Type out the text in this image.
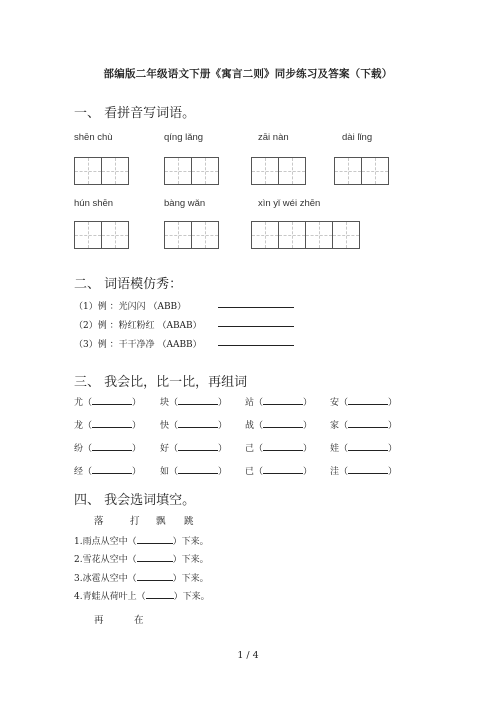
部编版二年级语文下册《寓言二则》同步练习及答案（下载）
一、 看拼音写词语。
shēn chù	qíng lǎng	zāi nàn	dài lǐng
hún shēn	bàng wǎn	xìn yǐ wéi zhēn
二、 词语模仿秀：
（1）例 ：光闪闪 （ABB）
（2）例 ：粉红粉红 （ABAB）
（3）例 ：干干净净 （AABB）
三、 我会比，比一比，再组词
尤（	） 块（	） 站（	） 安（	）
龙（	） 快（	） 战（	） 家（	）
纷（	） 好（	） 己（	） 娃（	）
经（	） 如（	） 已（	） 洼（	）
四、 我会选词填空。
落	打 飘 跳
1.雨点从空中（	）下来。
2.雪花从空中（	）下来。
3.冰雹从空中（	）下来。
4.青蛙从荷叶上（	）下来。
再	在
1 / 4
